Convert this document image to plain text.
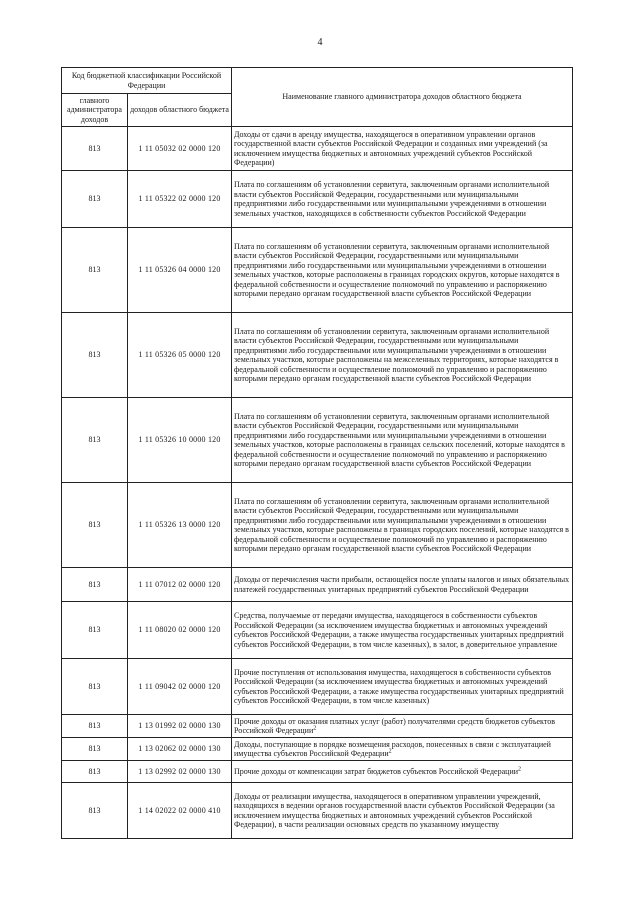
4
Код бюджетной классификации Российской Федерации		Наименование главного администратора доходов областного бюджета
главного администратора доходов	доходов областного бюджета	
813	1 11 05032 02 0000 120	Доходы от сдачи в аренду имущества, находящегося в оперативном управлении органов государственной власти субъектов Российской Федерации и созданных ими учреждений (за исключением имущества бюджетных и автономных учреждений субъектов Российской Федерации)
813	1 11 05322 02 0000 120	Плата по соглашениям об установлении сервитута, заключенным органами исполнительной власти субъектов Российской Федерации, государственными или муниципальными предприятиями либо государственными или муниципальными учреждениями в отношении земельных участков, находящихся в собственности субъектов Российской Федерации
813	1 11 05326 04 0000 120	Плата по соглашениям об установлении сервитута, заключенным органами исполнительной власти субъектов Российской Федерации, государственными или муниципальными предприятиями либо государственными или муниципальными учреждениями в отношении земельных участков, которые расположены в границах городских округов, которые находятся в федеральной собственности и осуществление полномочий по управлению и распоряжению которыми передано органам государственной власти субъектов Российской Федерации
813	1 11 05326 05 0000 120	Плата по соглашениям об установлении сервитута, заключенным органами исполнительной власти субъектов Российской Федерации, государственными или муниципальными предприятиями либо государственными или муниципальными учреждениями в отношении земельных участков, которые расположены на межселенных территориях, которые находятся в федеральной собственности и осуществление полномочий по управлению и распоряжению которыми передано органам государственной власти субъектов Российской Федерации
813	1 11 05326 10 0000 120	Плата по соглашениям об установлении сервитута, заключенным органами исполнительной власти субъектов Российской Федерации, государственными или муниципальными предприятиями либо государственными или муниципальными учреждениями в отношении земельных участков, которые расположены в границах сельских поселений, которые находятся в федеральной собственности и осуществление полномочий по управлению и распоряжению которыми передано органам государственной власти субъектов Российской Федерации
813	1 11 05326 13 0000 120	Плата по соглашениям об установлении сервитута, заключенным органами исполнительной власти субъектов Российской Федерации, государственными или муниципальными предприятиями либо государственными или муниципальными учреждениями в отношении земельных участков, которые расположены в границах городских поселений, которые находятся в федеральной собственности и осуществление полномочий по управлению и распоряжению которыми передано органам государственной власти субъектов Российской Федерации
813	1 11 07012 02 0000 120	Доходы от перечисления части прибыли, остающейся после уплаты налогов и иных обязательных платежей государственных унитарных предприятий субъектов Российской Федерации
813	1 11 08020 02 0000 120	Средства, получаемые от передачи имущества, находящегося в собственности субъектов Российской Федерации (за исключением имущества бюджетных и автономных учреждений субъектов Российской Федерации, а также имущества государственных унитарных предприятий субъектов Российской Федерации, в том числе казенных), в залог, в доверительное управление
813	1 11 09042 02 0000 120	Прочие поступления от использования имущества, находящегося в собственности субъектов Российской Федерации (за исключением имущества бюджетных и автономных учреждений субъектов Российской Федерации, а также имущества государственных унитарных предприятий субъектов Российской Федерации, в том числе казенных)
813	1 13 01992 02 0000 130	Прочие доходы от оказания платных услуг (работ) получателями средств бюджетов субъектов Российской Федерации$^2$
813	1 13 02062 02 0000 130	Доходы, поступающие в порядке возмещения расходов, понесенных в связи с эксплуатацией имущества субъектов Российской Федерации$^2$
813	1 13 02992 02 0000 130	Прочие доходы от компенсации затрат бюджетов субъектов Российской Федерации$^2$
813	1 14 02022 02 0000 410	Доходы от реализации имущества, находящегося в оперативном управлении учреждений, находящихся в ведении органов государственной власти субъектов Российской Федерации (за исключением имущества бюджетных и автономных учреждений субъектов Российской Федерации), в части реализации основных средств по указанному имуществу
